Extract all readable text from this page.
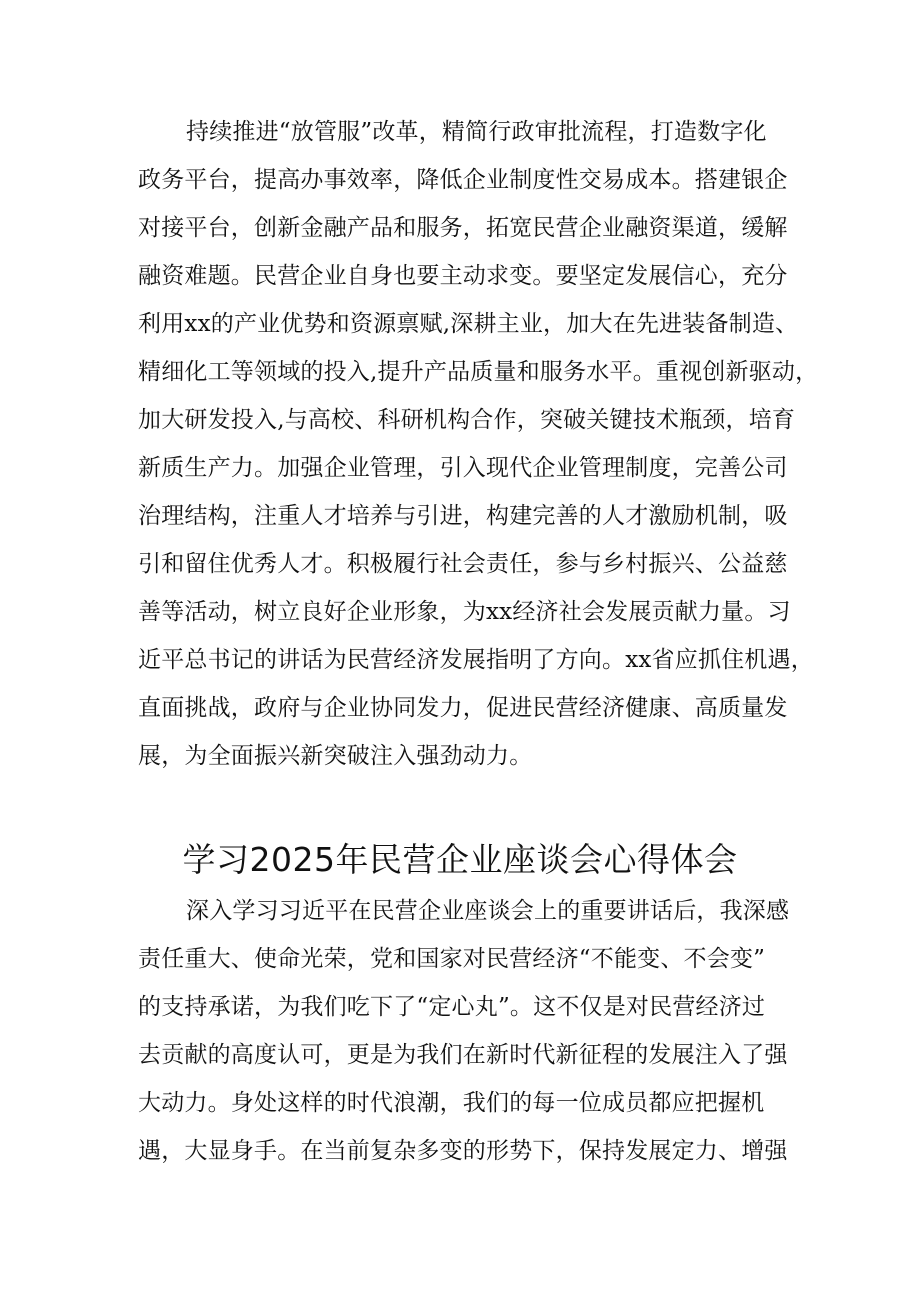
持续推进“放管服”改革，精简行政审批流程，打造数字化
政务平台，提高办事效率，降低企业制度性交易成本。搭建银企
对接平台，创新金融产品和服务，拓宽民营企业融资渠道，缓解
融资难题。民营企业自身也要主动求变。要坚定发展信心，充分
利用xx的产业优势和资源禀赋,深耕主业，加大在先进装备制造、
精细化工等领域的投入,提升产品质量和服务水平。重视创新驱动，
加大研发投入,与高校、科研机构合作，突破关键技术瓶颈，培育
新质生产力。加强企业管理，引入现代企业管理制度，完善公司
治理结构，注重人才培养与引进，构建完善的人才激励机制，吸
引和留住优秀人才。积极履行社会责任，参与乡村振兴、公益慈
善等活动，树立良好企业形象，为xx经济社会发展贡献力量。习
近平总书记的讲话为民营经济发展指明了方向。xx省应抓住机遇，
直面挑战，政府与企业协同发力，促进民营经济健康、高质量发
展，为全面振兴新突破注入强劲动力。
学习2025年民营企业座谈会心得体会
深入学习习近平在民营企业座谈会上的重要讲话后，我深感
责任重大、使命光荣，党和国家对民营经济“不能变、不会变”
的支持承诺，为我们吃下了“定心丸”。这不仅是对民营经济过
去贡献的高度认可，更是为我们在新时代新征程的发展注入了强
大动力。身处这样的时代浪潮，我们的每一位成员都应把握机
遇，大显身手。在当前复杂多变的形势下，保持发展定力、增强
